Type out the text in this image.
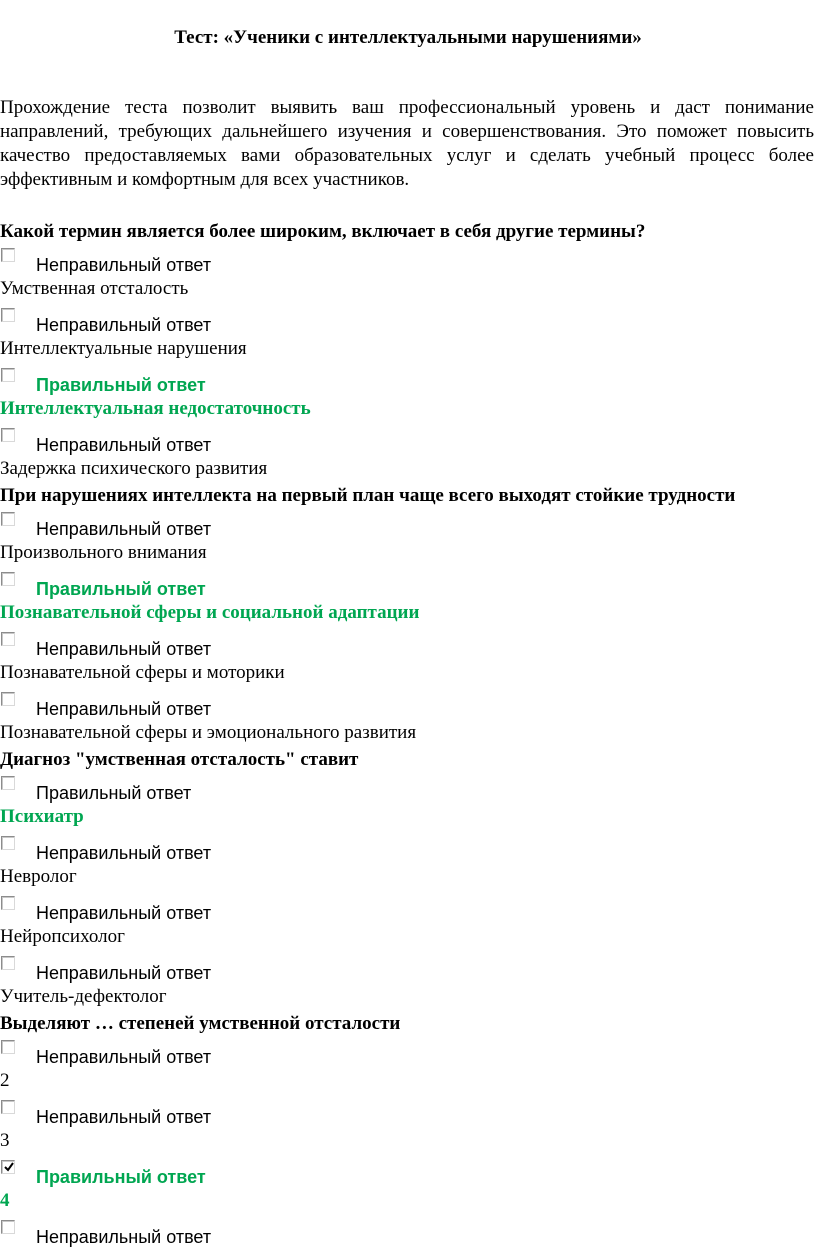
Тест: «Ученики с интеллектуальными нарушениями»
Прохождение теста позволит выявить ваш профессиональный уровень и даст понимание направлений, требующих дальнейшего изучения и совершенствования. Это поможет повысить качество предоставляемых вами образовательных услуг и сделать учебный процесс более эффективным и комфортным для всех участников.
Какой термин является более широким, включает в себя другие термины?
Неправильный ответ
Умственная отсталость
Неправильный ответ
Интеллектуальные нарушения
Правильный ответ
Интеллектуальная недостаточность
Неправильный ответ
Задержка психического развития
При нарушениях интеллекта на первый план чаще всего выходят стойкие трудности
Неправильный ответ
Произвольного внимания
Правильный ответ
Познавательной сферы и социальной адаптации
Неправильный ответ
Познавательной сферы и моторики
Неправильный ответ
Познавательной сферы и эмоционального развития
Диагноз "умственная отсталость" ставит
Правильный ответ
Психиатр
Неправильный ответ
Невролог
Неправильный ответ
Нейропсихолог
Неправильный ответ
Учитель-дефектолог
Выделяют … степеней умственной отсталости
Неправильный ответ
2
Неправильный ответ
3
Правильный ответ
4
Неправильный ответ
